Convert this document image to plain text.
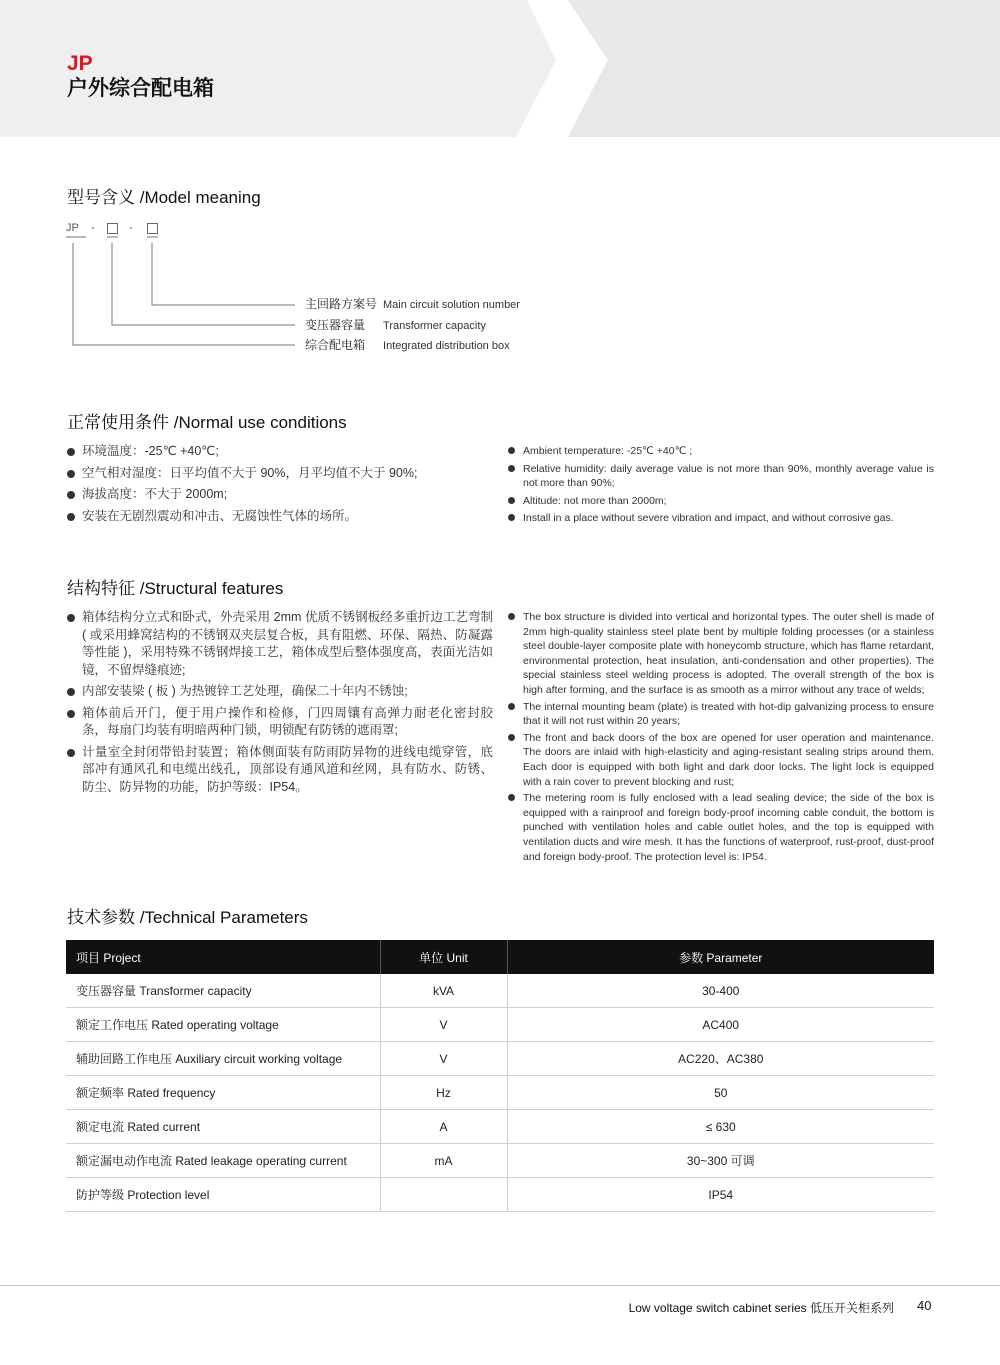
JP
户外综合配电箱
型号含义 /Model meaning
JP -	-
主回路方案号 Main circuit solution number
变压器容量 Transformer capacity
综合配电箱 Integrated distribution box
正常使用条件 /Normal use conditions
环境温度：-25℃ +40℃;
空气相对湿度：日平均值不大于 90%，月平均值不大于 90%;
海拔高度：不大于 2000m;
安装在无剧烈震动和冲击、无腐蚀性气体的场所。
Ambient temperature: -25℃ +40℃ ;
Relative humidity: daily average value is not more than 90%, monthly average value is not more than 90%;
Altitude: not more than 2000m;
Install in a place without severe vibration and impact, and without corrosive gas.
结构特征 /Structural features
箱体结构分立式和卧式，外壳采用 2mm 优质不锈钢板经多重折边工艺弯制 ( 或采用蜂窝结构的不锈钢双夹层复合板，具有阻燃、环保、隔热、防凝露等性能 )，采用特殊不锈钢焊接工艺，箱体成型后整体强度高，表面光洁如镜，不留焊缝痕迹;
内部安装梁 ( 板 ) 为热镀锌工艺处理，确保二十年内不锈蚀;
箱体前后开门，便于用户操作和检修，门四周镶有高弹力耐老化密封胶条，每扇门均装有明暗两种门锁，明锁配有防锈的遮雨罩;
计量室全封闭带铅封装置；箱体侧面装有防雨防异物的进线电缆穿管，底部冲有通风孔和电缆出线孔，顶部设有通风道和丝网，具有防水、防锈、防尘、防异物的功能，防护等级：IP54。
The box structure is divided into vertical and horizontal types. The outer shell is made of 2mm high-quality stainless steel plate bent by multiple folding processes (or a stainless steel double-layer composite plate with honeycomb structure, which has flame retardant, environmental protection, heat insulation, anti-condensation and other properties). The special stainless steel welding process is adopted. The overall strength of the box is high after forming, and the surface is as smooth as a mirror without any trace of welds;
The internal mounting beam (plate) is treated with hot-dip galvanizing process to ensure that it will not rust within 20 years;
The front and back doors of the box are opened for user operation and maintenance. The doors are inlaid with high-elasticity and aging-resistant sealing strips around them. Each door is equipped with both light and dark door locks. The light lock is equipped with a rain cover to prevent blocking and rust;
The metering room is fully enclosed with a lead sealing device; the side of the box is equipped with a rainproof and foreign body-proof incoming cable conduit, the bottom is punched with ventilation holes and cable outlet holes, and the top is equipped with ventilation ducts and wire mesh. It has the functions of waterproof, rust-proof, dust-proof and foreign body-proof. The protection level is: IP54.
技术参数 /Technical Parameters
项目 Project	单位 Unit	参数 Parameter
变压器容量 Transformer capacity	kVA	30-400
额定工作电压 Rated operating voltage	V	AC400
辅助回路工作电压 Auxiliary circuit working voltage	V	AC220、AC380
额定频率 Rated frequency	Hz	50
额定电流 Rated current	A	≤ 630
额定漏电动作电流 Rated leakage operating current	mA	30~300 可调
防护等级 Protection level		IP54
Low voltage switch cabinet series 低压开关柜系列 40
